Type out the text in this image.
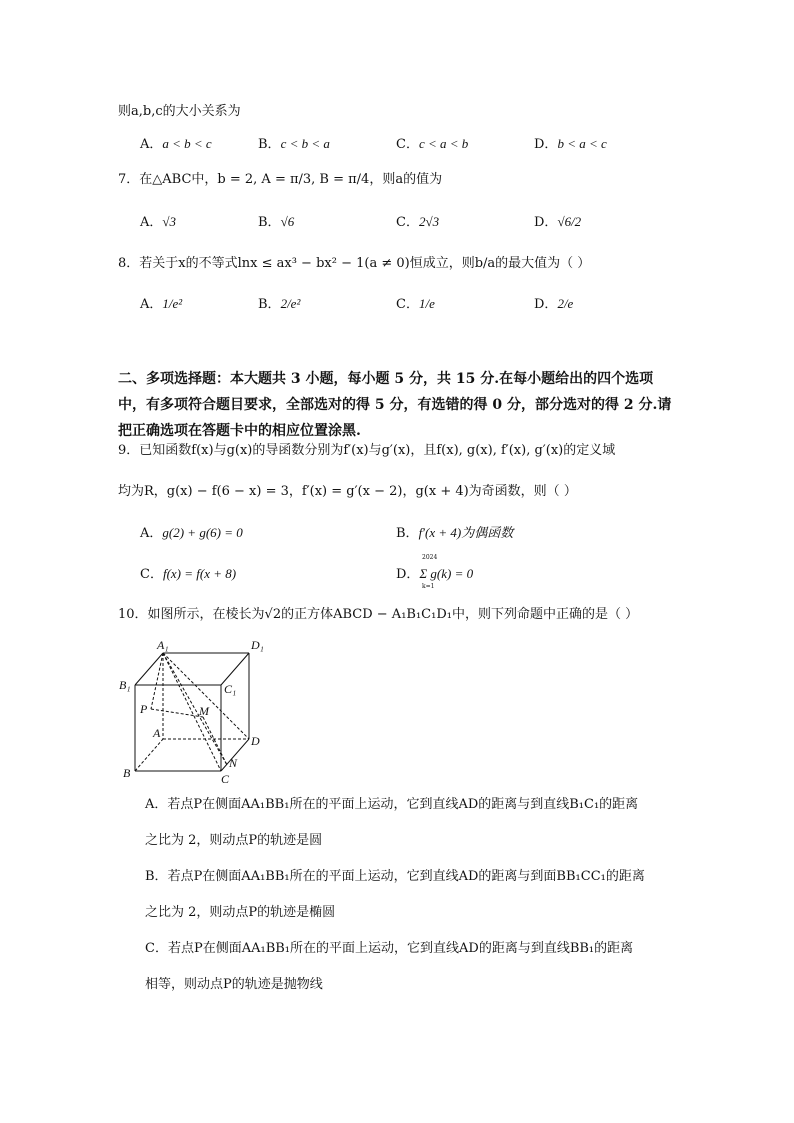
则a,b,c的大小关系为
A．a < b < c	B．c < b < a	C．c < a < b	D．b < a < c
7．在△ABC中，b = 2, A = π/3, B = π/4，则a的值为
A．√3	B．√6	C．2√3	D．√6/2
8．若关于x的不等式lnx ≤ ax³ − bx² − 1(a ≠ 0)恒成立，则b/a的最大值为（ ）
A．1/e²	B．2/e²	C．1/e	D．2/e
二、多项选择题：本大题共 3 小题，每小题 5 分，共 15 分.在每小题给出的四个选项中，有多项符合题目要求，全部选对的得 5 分，有选错的得 0 分，部分选对的得 2 分.请把正确选项在答题卡中的相应位置涂黑.
9．已知函数f(x)与g(x)的导函数分别为f′(x)与g′(x)，且f(x), g(x), f′(x), g′(x)的定义域
均为R，g(x) − f(6 − x) = 3，f′(x) = g′(x − 2)，g(x + 4)为奇函数，则（ ）
A．g(2) + g(6) = 0	B．f′(x + 4)为偶函数
C．f(x) = f(x + 8)	D．Σ g(k) = 0
2024
k=1
10．如图所示，在棱长为√2的正方体ABCD − A₁B₁C₁D₁中，则下列命题中正确的是（ ）
A₁	D₁
B₁	C₁
P	M
A
D
N
B	C
A．若点P在侧面AA₁BB₁所在的平面上运动，它到直线AD的距离与到直线B₁C₁的距离
之比为 2，则动点P的轨迹是圆
B．若点P在侧面AA₁BB₁所在的平面上运动，它到直线AD的距离与到面BB₁CC₁的距离
之比为 2，则动点P的轨迹是椭圆
C．若点P在侧面AA₁BB₁所在的平面上运动，它到直线AD的距离与到直线BB₁的距离
相等，则动点P的轨迹是抛物线
